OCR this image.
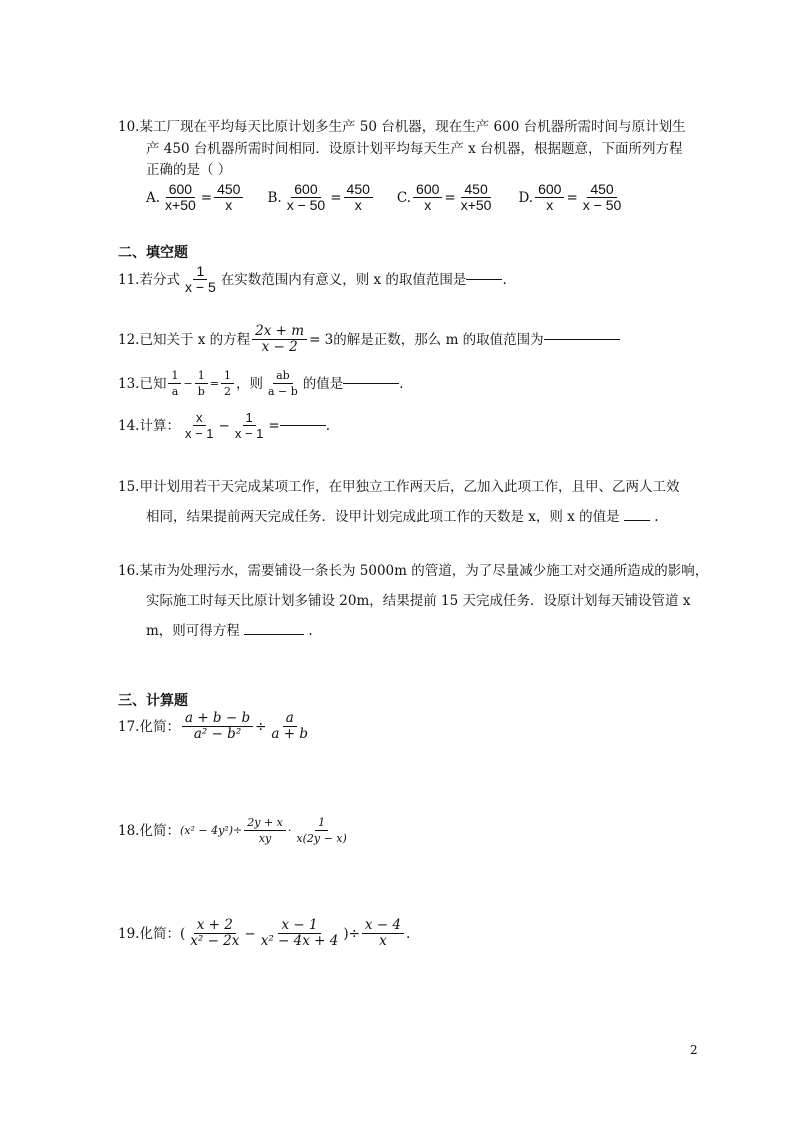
10.某工厂现在平均每天比原计划多生产 50 台机器，现在生产 600 台机器所需时间与原计划生
产 450 台机器所需时间相同．设原计划平均每天生产 x 台机器，根据题意，下面所列方程
正确的是（ ）
A. $\frac{600}{x+50} = \frac{450}{x} B$. $\frac{600}{x - 50} = \frac{450}{x} C$. $\frac{600}{x} = \frac{450}{x+50} D$. $\frac{600}{x} = \frac{450}{x - 50}$
二、填空题
11.若分式 $\frac{1}{x - 5}$ 在实数范围内有意义，则 x 的取值范围是	.
12.已知关于 x 的方程 $\frac{2x + m}{x - 2} = 3$ 的解是正数，那么 m 的取值范围为
13.已知 $\frac{1}{a} - \frac{1}{b} = \frac{1}{2}$ ，则 $\frac{ab}{a - b}$ 的值是	.
14.计算： $\frac{x}{x - 1} - \frac{1}{x - 1}$ =	.
15.甲计划用若干天完成某项工作，在甲独立工作两天后，乙加入此项工作，且甲、乙两人工效
相同，结果提前两天完成任务．设甲计划完成此项工作的天数是 x，则 x 的值是	.
16.某市为处理污水，需要铺设一条长为 5000m 的管道，为了尽量减少施工对交通所造成的影响，
实际施工时每天比原计划多铺设 20m，结果提前 15 天完成任务．设原计划每天铺设管道 x
m，则可得方程	.
三、计算题
17.化简： $\frac{a + b - b}{\text{a² − b²}} \div \frac{a}{a + b}$
18.化简： $(x^2 - 4y^2) \div \frac{2y + x}{xy} \cdot \frac{1}{x(2y - x)}$
19.化简： ( $\frac{x + 2}{\text{x² − 2x}} - \frac{x - 1}{\text{x² − 4x + 4}}$ ) ÷ $\frac{x - 4}{x}$ .
2
